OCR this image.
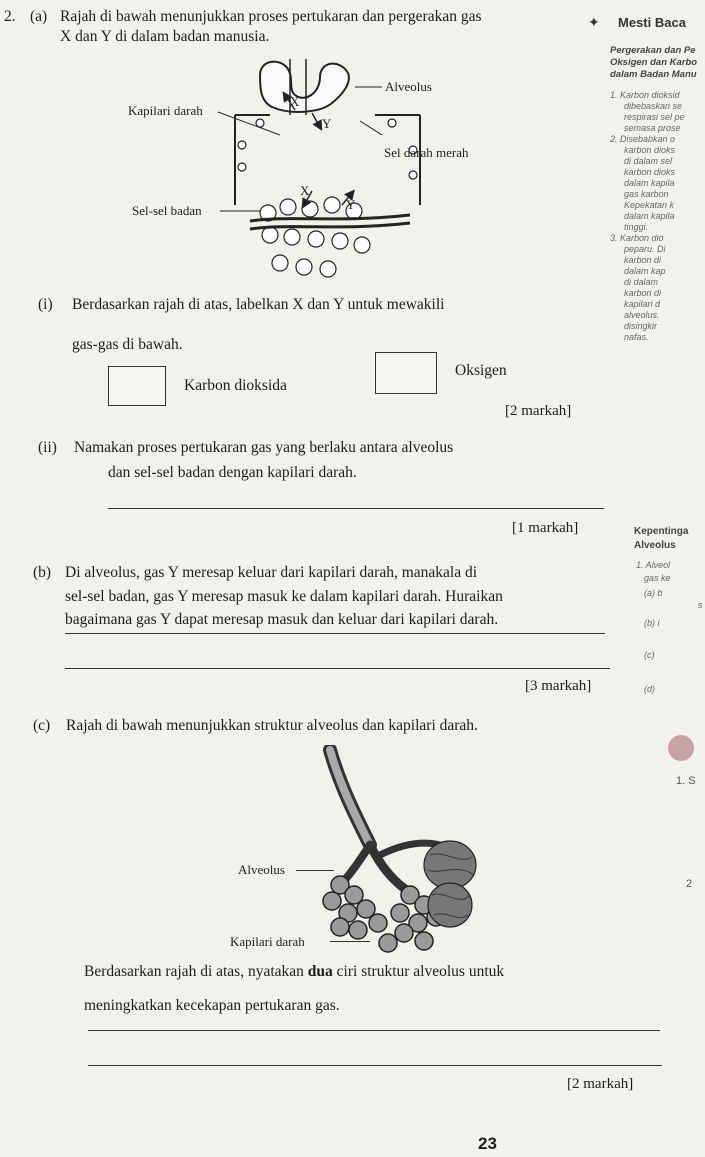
2. (a) Rajah di bawah menunjukkan proses pertukaran dan pergerakan gas
X dan Y di dalam badan manusia.
Kapilari darah
Alveolus
Sel darah merah
Sel-sel badan
X
Y
X
Y
(i) Berdasarkan rajah di atas, labelkan X dan Y untuk mewakili
gas-gas di bawah.
Karbon dioksida
Oksigen
[2 markah]
(ii) Namakan proses pertukaran gas yang berlaku antara alveolus
dan sel-sel badan dengan kapilari darah.
[1 markah]
(b) Di alveolus, gas Y meresap keluar dari kapilari darah, manakala di
sel-sel badan, gas Y meresap masuk ke dalam kapilari darah. Huraikan
bagaimana gas Y dapat meresap masuk dan keluar dari kapilari darah.
[3 markah]
(c) Rajah di bawah menunjukkan struktur alveolus dan kapilari darah.
Alveolus
Kapilari darah
Berdasarkan rajah di atas, nyatakan dua ciri struktur alveolus untuk
meningkatkan kecekapan pertukaran gas.
[2 markah]
23
✦ Mesti Baca
Pergerakan dan Pe
Oksigen dan Karbo
dalam Badan Manu
1. Karbon dioksid
dibebaskan se
respirasi sel pe
semasa prose
2. Disebabkan o
karbon dioks
di dalam sel
karbon dioks
dalam kapila
gas karbon
Kepekatan k
dalam kapila
tinggi.
3. Karbon dio
peparu. Di
karbon di
dalam kap
di dalam
karbon di
kapilari d
alveolus.
disingkir
nafas.
Kepentinga
Alveolus
1. Alveol
gas ke
(a) b
s
(b) i
(c)
(d)
1. S
2
